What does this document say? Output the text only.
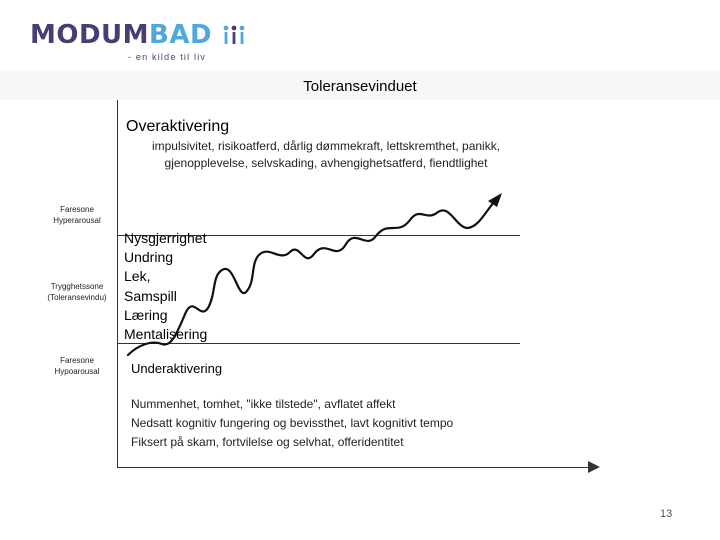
MODUMBAD
- en kilde til liv
Toleransevinduet
Overaktivering
impulsivitet, risikoatferd, dårlig dømmekraft, lettskremthet, panikk,
gjenopplevelse, selvskading, avhengighetsatferd, fiendtlighet
Faresone
Hyperarousal
Trygghetssone
(Toleransevindu)
Faresone
Hypoarousal
Nysgjerrighet
Undring
Lek,
Samspill
Læring
Mentalisering
Underaktivering
Nummenhet, tomhet, "ikke tilstede", avflatet affekt
Nedsatt kognitiv fungering og bevissthet, lavt kognitivt tempo
Fiksert på skam, fortvilelse og selvhat, offeridentitet
13
